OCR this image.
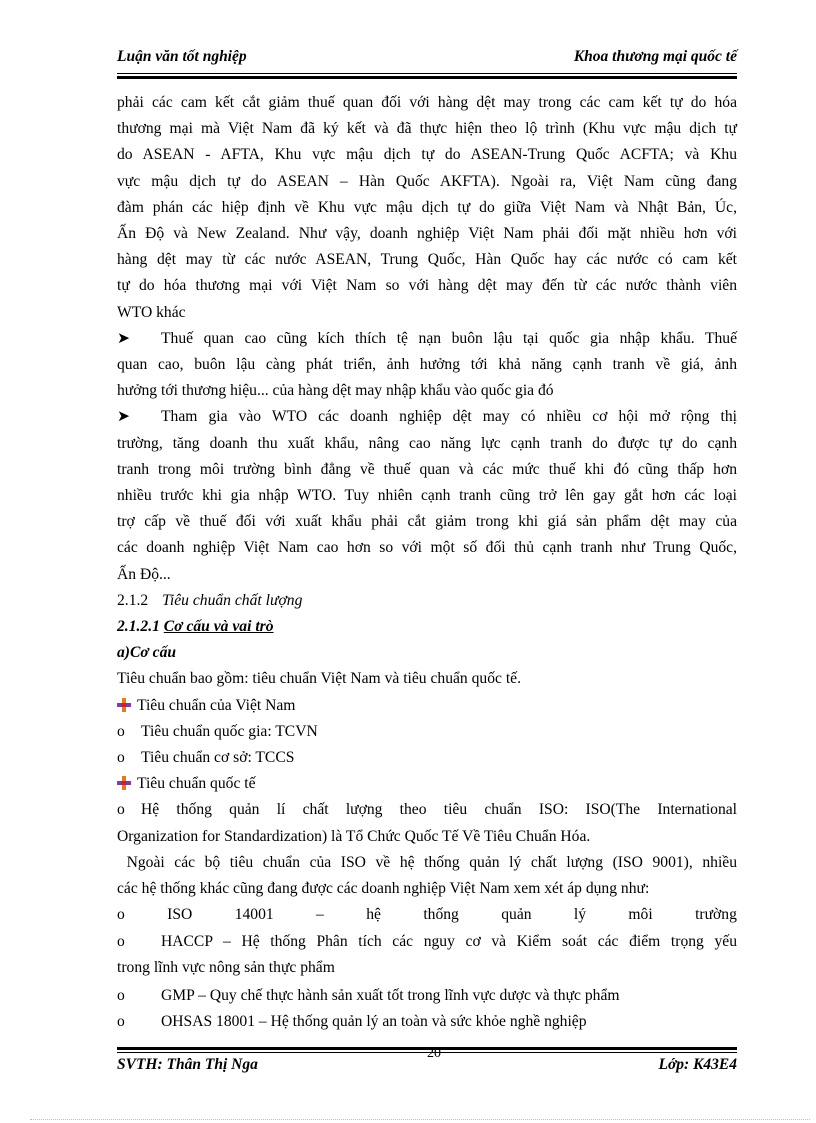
Luận văn tốt nghiệp	Khoa thương mại quốc tế

phải các cam kết cắt giảm thuế quan đối với hàng dệt may trong các cam kết tự do hóa

thương mại mà Việt Nam đã ký kết và đã thực hiện theo lộ trình (Khu vực mậu dịch tự

do ASEAN - AFTA, Khu vực mậu dịch tự do ASEAN-Trung Quốc ACFTA; và Khu

vực mậu dịch tự do ASEAN – Hàn Quốc AKFTA). Ngoài ra, Việt Nam cũng đang

đàm phán các hiệp định về Khu vực mậu dịch tự do giữa Việt Nam và Nhật Bản, Úc,

Ấn Độ và New Zealand. Như vậy, doanh nghiệp Việt Nam phải đối mặt nhiều hơn với

hàng dệt may từ các nước ASEAN, Trung Quốc, Hàn Quốc hay các nước có cam kết

tự do hóa thương mại với Việt Nam so với hàng dệt may đến từ các nước thành viên

WTO khác

➤ Thuế quan cao cũng kích thích tệ nạn buôn lậu tại quốc gia nhập khẩu. Thuế

quan cao, buôn lậu càng phát triển, ảnh hưởng tới khả năng cạnh tranh về giá, ảnh

hưởng tới thương hiệu... của hàng dệt may nhập khẩu vào quốc gia đó

➤ Tham gia vào WTO các doanh nghiệp dệt may có nhiều cơ hội mở rộng thị

trường, tăng doanh thu xuất khẩu, nâng cao năng lực cạnh tranh do được tự do cạnh

tranh trong môi trường bình đẳng về thuế quan và các mức thuế khi đó cũng thấp hơn

nhiều trước khi gia nhập WTO. Tuy nhiên cạnh tranh cũng trở lên gay gắt hơn các loại

trợ cấp về thuế đối với xuất khẩu phải cắt giảm trong khi giá sản phẩm dệt may của

các doanh nghiệp Việt Nam cao hơn so với một số đối thủ cạnh tranh như Trung Quốc,

Ấn Độ...

2.1.2 Tiêu chuẩn chất lượng

2.1.2.1 Cơ cấu và vai trò

a)Cơ cấu

Tiêu chuẩn bao gồm: tiêu chuẩn Việt Nam và tiêu chuẩn quốc tế.

Tiêu chuẩn của Việt Nam

o Tiêu chuẩn quốc gia: TCVN

o Tiêu chuẩn cơ sở: TCCS

Tiêu chuẩn quốc tế

o Hệ thống quản lí chất lượng theo tiêu chuẩn ISO: ISO(The International

Organization for Standardization) là Tổ Chức Quốc Tế Về Tiêu Chuẩn Hóa.

Ngoài các bộ tiêu chuẩn của ISO về hệ thống quản lý chất lượng (ISO 9001), nhiều

các hệ thống khác cũng đang được các doanh nghiệp Việt Nam xem xét áp dụng như:

o	ISO	14001	–	hệ	thống	quản	lý	môi	trường

o HACCP – Hệ thống Phân tích các nguy cơ và Kiểm soát các điểm trọng yếu

trong lĩnh vực nông sản thực phẩm

o GMP – Quy chế thực hành sản xuất tốt trong lĩnh vực dược và thực phẩm

o OHSAS 18001 – Hệ thống quản lý an toàn và sức khỏe nghề nghiệp

20
SVTH: Thân Thị Nga	Lớp: K43E4
